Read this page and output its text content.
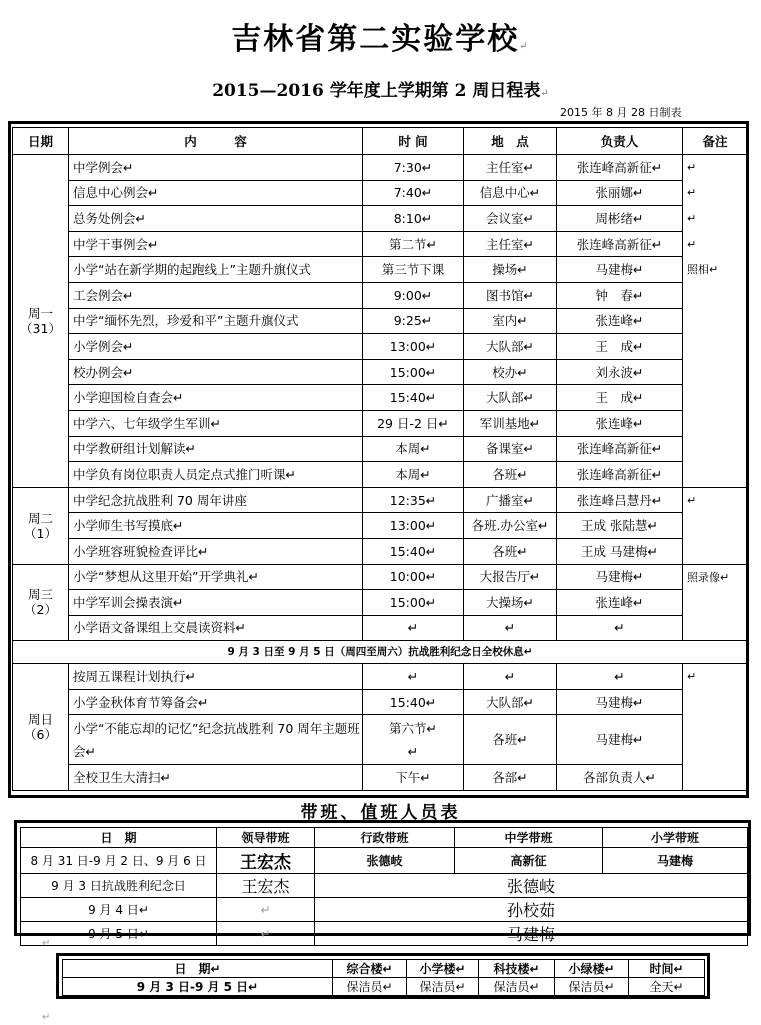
吉林省第二实验学校↵
2015—2016 学年度上学期第 2 周日程表↵
2015 年 8 月 28 日制表
日期	内　　　容	时 间	地　点	负责人	备注
周一
（31）	中学例会↵	7:30↵	主任室↵	张连峰高新征↵	↵
	信息中心例会↵	7:40↵	信息中心↵	张丽娜↵	↵
	总务处例会↵	8:10↵	会议室↵	周彬绪↵	↵
	中学干事例会↵	第二节↵	主任室↵	张连峰高新征↵	↵
	小学“站在新学期的起跑线上”主题升旗仪式	第三节下课	操场↵	马建梅↵	照相↵
	工会例会↵	9:00↵	图书馆↵	钟　春↵	
	中学“缅怀先烈，珍爱和平”主题升旗仪式	9:25↵	室内↵	张连峰↵	
	小学例会↵	13:00↵	大队部↵	王　成↵	
	校办例会↵	15:00↵	校办↵	刘永波↵	
	小学迎国检自查会↵	15:40↵	大队部↵	王　成↵	
	中学六、七年级学生军训↵	29 日-2 日↵	军训基地↵	张连峰↵	
	中学教研组计划解读↵	本周↵	备课室↵	张连峰高新征↵	
	中学负有岗位职责人员定点式推门听课↵	本周↵	各班↵	张连峰高新征↵	
周二
（1）	中学纪念抗战胜利 70 周年讲座	12:35↵	广播室↵	张连峰吕慧丹↵	↵
	小学师生书写摸底↵	13:00↵	各班.办公室↵	王成 张陆慧↵	
	小学班容班貌检查评比↵	15:40↵	各班↵	王成 马建梅↵	
周三
（2）	小学“梦想从这里开始”开学典礼↵	10:00↵	大报告厅↵	马建梅↵	照录像↵
	中学军训会操表演↵	15:00↵	大操场↵	张连峰↵	
	小学语文备课组上交晨读资料↵	↵	↵	↵	
9 月 3 日至 9 月 5 日（周四至周六）抗战胜利纪念日全校休息↵					
周日
（6）	按周五课程计划执行↵	↵	↵	↵	↵
	小学金秋体育节筹备会↵	15:40↵	大队部↵	马建梅↵	
	小学“不能忘却的记忆”纪念抗战胜利 70 周年主题班会↵	第六节↵
↵	各班↵	马建梅↵	
	全校卫生大清扫↵	下午↵	各部↵	各部负责人↵	
带班、值班人员表
日　期	领导带班	行政带班	中学带班	小学带班
8 月 31 日-9 月 2 日、9 月 6 日	王宏杰	张德岐	高新征	马建梅
9 月 3 日抗战胜利纪念日	王宏杰	张德岐		
9 月 4 日↵	↵	孙校茹		
9 月 5 日↵	↵	马建梅		
日　期↵	综合楼↵	小学楼↵	科技楼↵	小绿楼↵	时间↵
9 月 3 日-9 月 5 日↵	保洁员↵	保洁员↵	保洁员↵	保洁员↵	全天↵
↵
↵
